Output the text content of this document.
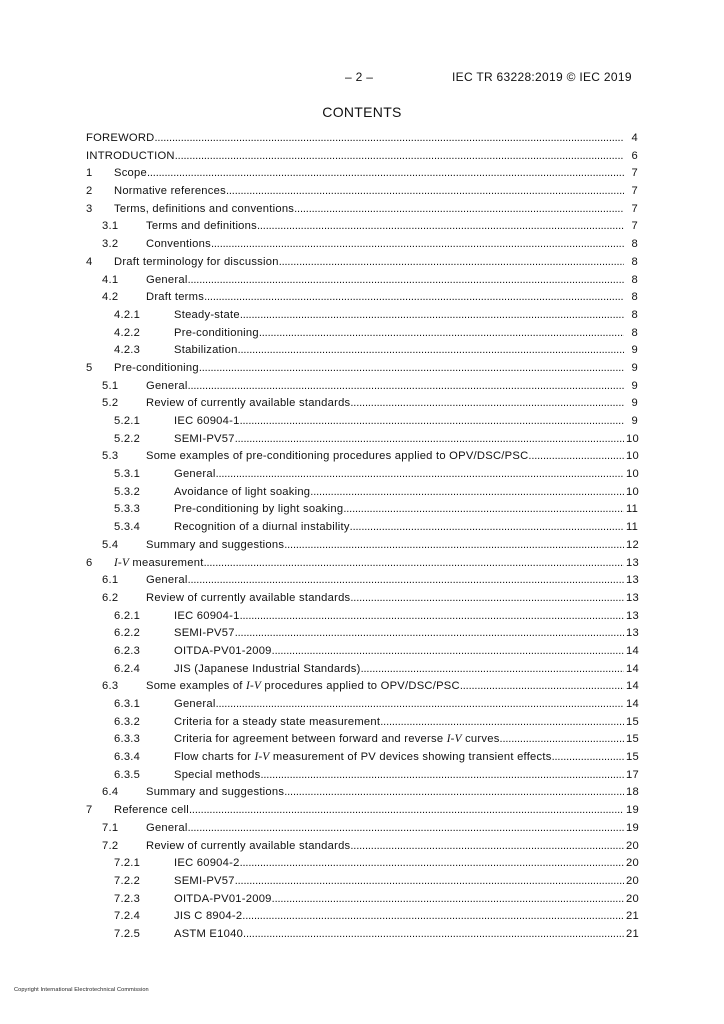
– 2 –	IEC TR 63228:2019 © IEC 2019
CONTENTS
FOREWORD . . .	4
INTRODUCTION . . .	6
1 Scope . . .	7
2 Normative references . . .	7
3 Terms, definitions and conventions . . .	7
3.1 Terms and definitions . . .	7
3.2 Conventions . . .	8
4 Draft terminology for discussion . . .	8
4.1 General . . .	8
4.2 Draft terms . . .	8
4.2.1	Steady-state . . .	8
4.2.2	Pre-conditioning . . .	8
4.2.3	Stabilization . . .	9
5 Pre-conditioning . . .	9
5.1 General . . .	9
5.2 Review of currently available standards . . .	9
5.2.1	IEC 60904-1 . . .	9
5.2.2	SEMI-PV57 . . .	10
5.3 Some examples of pre-conditioning procedures applied to OPV/DSC/PSC . . .	10
5.3.1	General . . .	10
5.3.2	Avoidance of light soaking . . .	10
5.3.3	Pre-conditioning by light soaking . . .	11
5.3.4	Recognition of a diurnal instability . . .	11
5.4 Summary and suggestions . . .	12
6 I-V measurement . . .	13
6.1 General . . .	13
6.2 Review of currently available standards . . .	13
6.2.1	IEC 60904-1 . . .	13
6.2.2	SEMI-PV57 . . .	13
6.2.3	OITDA-PV01-2009 . . .	14
6.2.4	JIS (Japanese Industrial Standards) . . .	14
6.3 Some examples of I-V procedures applied to OPV/DSC/PSC . . .	14
6.3.1	General . . .	14
6.3.2	Criteria for a steady state measurement . . .	15
6.3.3	Criteria for agreement between forward and reverse I-V curves . . .	15
6.3.4	Flow charts for I-V measurement of PV devices showing transient effects . . .	15
6.3.5	Special methods . . .	17
6.4 Summary and suggestions . . .	18
7 Reference cell . . .	19
7.1 General . . .	19
7.2 Review of currently available standards . . .	20
7.2.1	IEC 60904-2 . . .	20
7.2.2	SEMI-PV57 . . .	20
7.2.3	OITDA-PV01-2009 . . .	20
7.2.4	JIS C 8904-2 . . .	21
7.2.5	ASTM E1040 . . .	21
Copyright International Electrotechnical Commission
